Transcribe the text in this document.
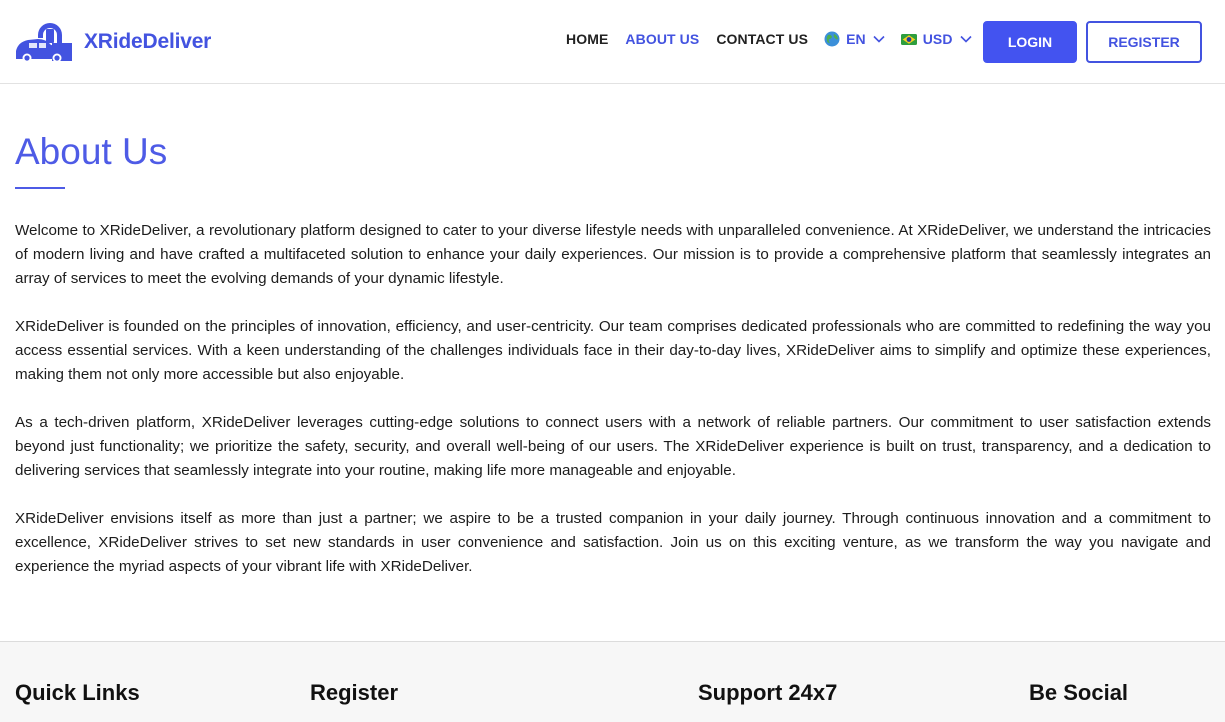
XRideDeliver	HOME ABOUT US CONTACT US	EN	USD	LOGIN	REGISTER
About Us

Welcome to XRideDeliver, a revolutionary platform designed to cater to your diverse lifestyle needs with unparalleled convenience. At XRideDeliver, we understand the intricacies of modern living and have crafted a multifaceted solution to enhance your daily experiences. Our mission is to provide a comprehensive platform that seamlessly integrates an array of services to meet the evolving demands of your dynamic lifestyle.

XRideDeliver is founded on the principles of innovation, efficiency, and user-centricity. Our team comprises dedicated professionals who are committed to redefining the way you access essential services. With a keen understanding of the challenges individuals face in their day-to-day lives, XRideDeliver aims to simplify and optimize these experiences, making them not only more accessible but also enjoyable.

As a tech-driven platform, XRideDeliver leverages cutting-edge solutions to connect users with a network of reliable partners. Our commitment to user satisfaction extends beyond just functionality; we prioritize the safety, security, and overall well-being of our users. The XRideDeliver experience is built on trust, transparency, and a dedication to delivering services that seamlessly integrate into your routine, making life more manageable and enjoyable.

XRideDeliver envisions itself as more than just a partner; we aspire to be a trusted companion in your daily journey. Through continuous innovation and a commitment to excellence, XRideDeliver strives to set new standards in user convenience and satisfaction. Join us on this exciting venture, as we transform the way you navigate and experience the myriad aspects of your vibrant life with XRideDeliver.

Quick Links	Register	Support 24x7	Be Social
